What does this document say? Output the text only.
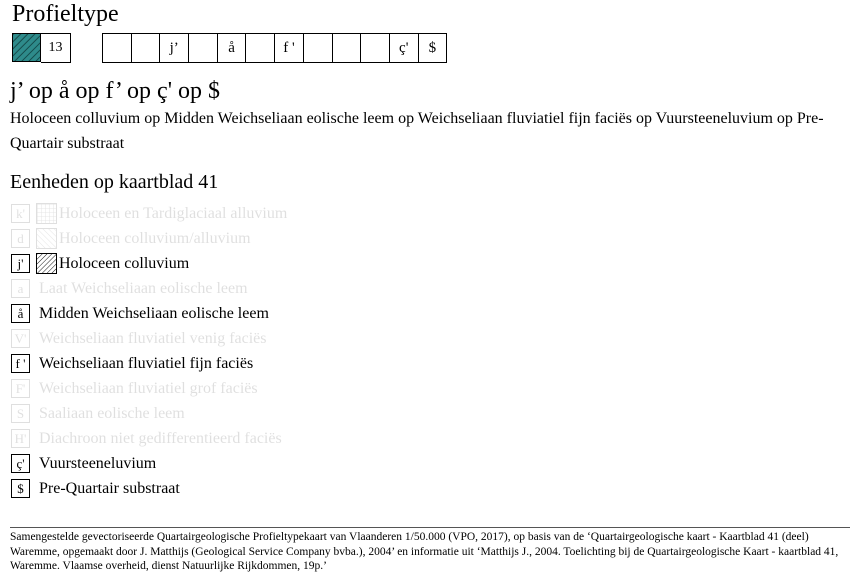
Profieltype
13	j’	å	f '	ç'	$
j’ op å op f’ op ç' op $
Holoceen colluvium op Midden Weichseliaan eolische leem op Weichseliaan fluviatiel fijn faciës op Vuursteeneluvium op Pre-Quartair substraat
Eenheden op kaartblad 41
k'	Holoceen en Tardiglaciaal alluvium
d	Holoceen colluvium/alluvium
j'	Holoceen colluvium
a Laat Weichseliaan eolische leem
å Midden Weichseliaan eolische leem
V' Weichseliaan fluviatiel venig faciës
f ' Weichseliaan fluviatiel fijn faciës
F' Weichseliaan fluviatiel grof faciës
S Saaliaan eolische leem
H' Diachroon niet gedifferentieerd faciës
ç' Vuursteeneluvium
$ Pre-Quartair substraat
Samengestelde gevectoriseerde Quartairgeologische Profieltypekaart van Vlaanderen 1/50.000 (VPO, 2017), op basis van de ‘Quartairgeologische kaart - Kaartblad 41 (deel) Waremme, opgemaakt door J. Matthijs (Geological Service Company bvba.), 2004’ en informatie uit ‘Matthijs J., 2004. Toelichting bij de Quartairgeologische Kaart - kaartblad 41, Waremme. Vlaamse overheid, dienst Natuurlijke Rijkdommen, 19p.’
